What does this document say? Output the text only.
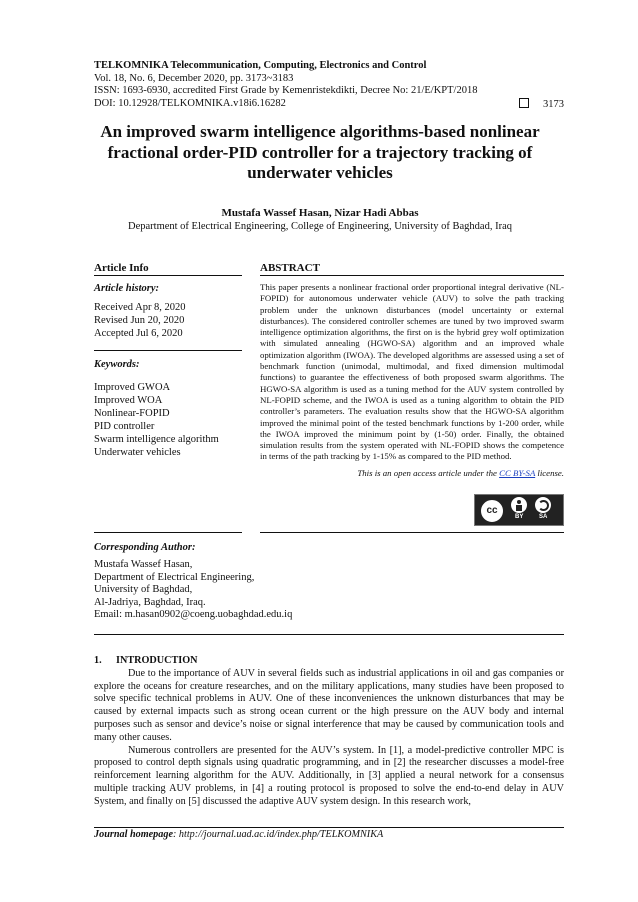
TELKOMNIKA Telecommunication, Computing, Electronics and Control
Vol. 18, No. 6, December 2020, pp. 3173~3183
ISSN: 1693-6930, accredited First Grade by Kemenristekdikti, Decree No: 21/E/KPT/2018
DOI: 10.12928/TELKOMNIKA.v18i6.16282	3173
An improved swarm intelligence algorithms-based nonlinear fractional order-PID controller for a trajectory tracking of underwater vehicles
Mustafa Wassef Hasan, Nizar Hadi Abbas
Department of Electrical Engineering, College of Engineering, University of Baghdad, Iraq
Article Info
Article history:
Received Apr 8, 2020
Revised Jun 20, 2020
Accepted Jul 6, 2020
Keywords:
Improved GWOA
Improved WOA
Nonlinear-FOPID
PID controller
Swarm intelligence algorithm
Underwater vehicles
ABSTRACT
This paper presents a nonlinear fractional order proportional integral derivative (NL-FOPID) for autonomous underwater vehicle (AUV) to solve the path tracking problem under the unknown disturbances (model uncertainty or external disturbances). The considered controller schemes are tuned by two improved swarm intelligence optimization algorithms, the first on is the hybrid grey wolf optimization with simulated annealing (HGWO-SA) algorithm and an improved whale optimization algorithm (IWOA). The developed algorithms are assessed using a set of benchmark function (unimodal, multimodal, and fixed dimension multimodal functions) to guarantee the effectiveness of both proposed swarm algorithms. The HGWO-SA algorithm is used as a tuning method for the AUV system controlled by NL-FOPID scheme, and the IWOA is used as a tuning algorithm to obtain the PID controller’s parameters. The evaluation results show that the HGWO-SA algorithm improved the minimal point of the tested benchmark functions by 1-200 order, while the IWOA improved the minimum point by (1-50) order. Finally, the obtained simulation results from the system operated with NL-FOPID shows the competence in terms of the path tracking by 1-15% as compared to the PID method.
This is an open access article under the CC BY-SA license.
cc
BY	SA
Corresponding Author:
Mustafa Wassef Hasan,
Department of Electrical Engineering,
University of Baghdad,
Al-Jadriya, Baghdad, Iraq.
Email: m.hasan0902@coeng.uobaghdad.edu.iq
1. INTRODUCTION

Due to the importance of AUV in several fields such as industrial applications in oil and gas companies or explore the oceans for creature researches, and on the military applications, many studies have been proposed to solve specific technical problems in AUV. One of these inconveniences the unknown disturbances that may be caused by external impacts such as strong ocean current or the high pressure on the AUV body and internal purposes such as sensor and device’s noise or signal interference that may be caused by communication tools and many other causes.

Numerous controllers are presented for the AUV’s system. In [1], a model-predictive controller MPC is proposed to control depth signals using quadratic programming, and in [2] the researcher discusses a model-free reinforcement learning algorithm for the AUV. Additionally, in [3] applied a neural network for a consensus multiple tracking AUV problems, in [4] a routing protocol is proposed to solve the end-to-end delay in AUV System, and finally on [5] discussed the adaptive AUV system design. In this research work,

Journal homepage: http://journal.uad.ac.id/index.php/TELKOMNIKA
